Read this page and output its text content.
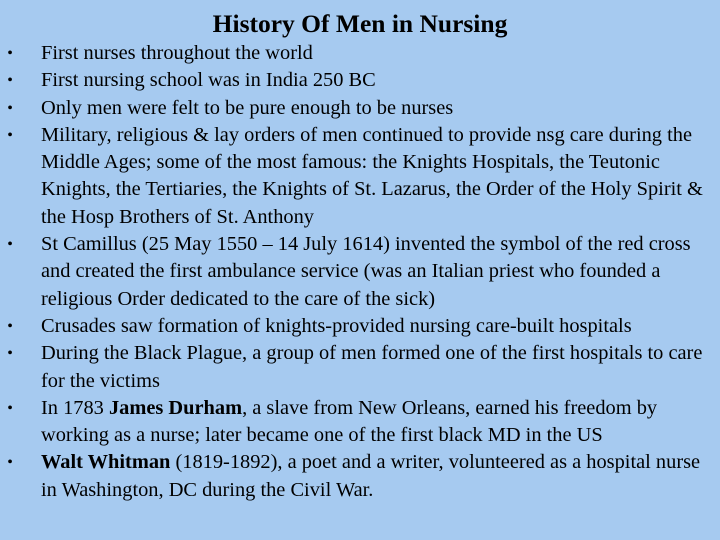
History Of Men in Nursing
• First nurses throughout the world
• First nursing school was in India 250 BC
• Only men were felt to be pure enough to be nurses
• Military, religious & lay orders of men continued to provide nsg care during the Middle Ages; some of the most famous: the Knights Hospitals, the Teutonic Knights, the Tertiaries, the Knights of St. Lazarus, the Order of the Holy Spirit & the Hosp Brothers of St. Anthony
• St Camillus (25 May 1550 – 14 July 1614) invented the symbol of the red cross and created the first ambulance service (was an Italian priest who founded a religious Order dedicated to the care of the sick)
• Crusades saw formation of knights-provided nursing care-built hospitals
• During the Black Plague, a group of men formed one of the first hospitals to care for the victims
• In 1783 James Durham, a slave from New Orleans, earned his freedom by working as a nurse; later became one of the first black MD in the US
• Walt Whitman (1819-1892), a poet and a writer, volunteered as a hospital nurse in Washington, DC during the Civil War.
